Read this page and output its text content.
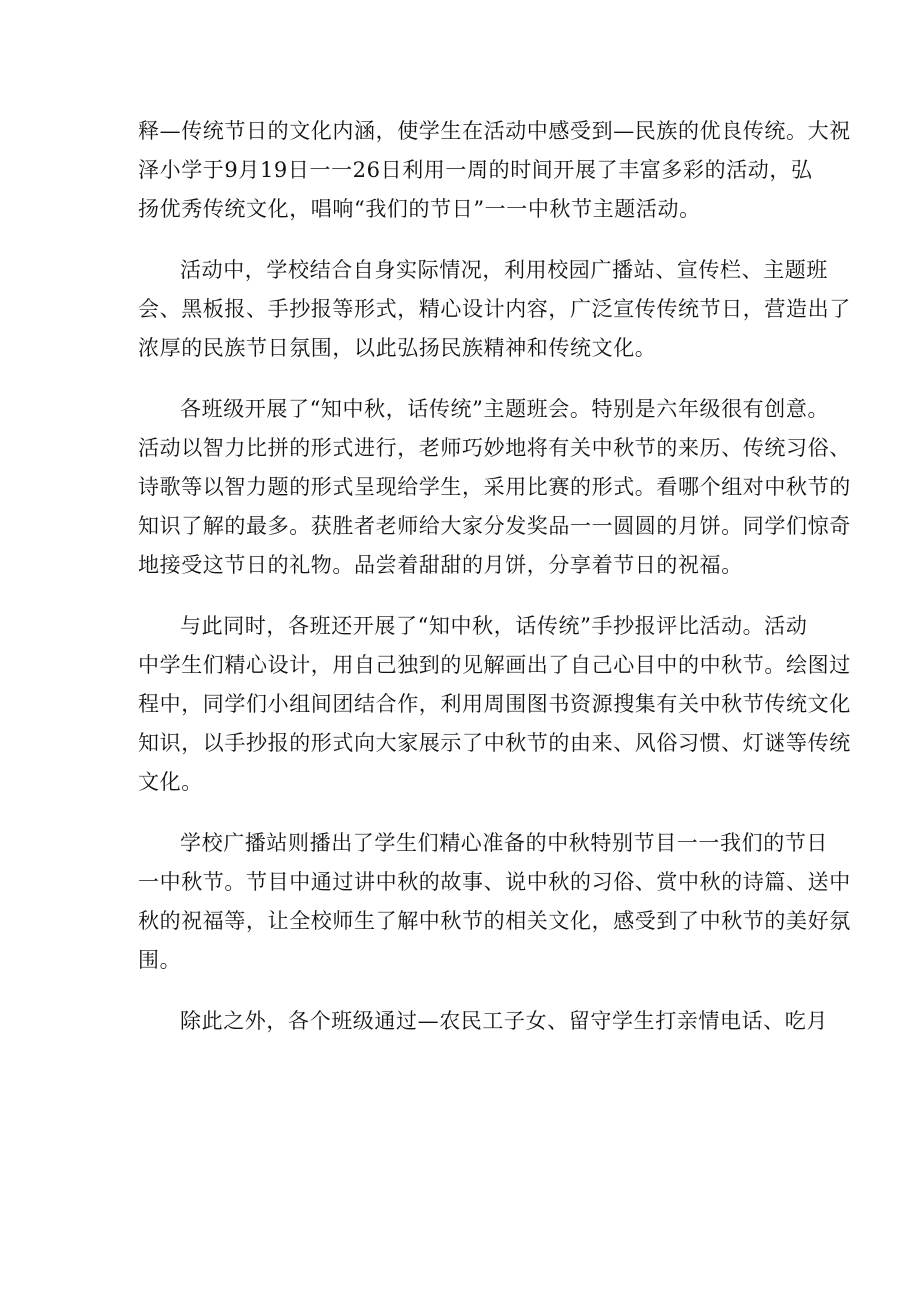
释—传统节日的文化内涵，使学生在活动中感受到—民族的优良传统。大祝
泽小学于9月19日一一26日利用一周的时间开展了丰富多彩的活动，弘
扬优秀传统文化，唱响“我们的节日”一一中秋节主题活动。
活动中，学校结合自身实际情况，利用校园广播站、宣传栏、主题班
会、黑板报、手抄报等形式，精心设计内容，广泛宣传传统节日，营造出了
浓厚的民族节日氛围，以此弘扬民族精神和传统文化。
各班级开展了“知中秋，话传统”主题班会。特别是六年级很有创意。
活动以智力比拼的形式进行，老师巧妙地将有关中秋节的来历、传统习俗、
诗歌等以智力题的形式呈现给学生，采用比赛的形式。看哪个组对中秋节的
知识了解的最多。获胜者老师给大家分发奖品一一圆圆的月饼。同学们惊奇
地接受这节日的礼物。品尝着甜甜的月饼，分享着节日的祝福。
与此同时，各班还开展了“知中秋，话传统”手抄报评比活动。活动
中学生们精心设计，用自己独到的见解画出了自己心目中的中秋节。绘图过
程中，同学们小组间团结合作，利用周围图书资源搜集有关中秋节传统文化
知识，以手抄报的形式向大家展示了中秋节的由来、风俗习惯、灯谜等传统
文化。
学校广播站则播出了学生们精心准备的中秋特别节目一一我们的节日
一中秋节。节目中通过讲中秋的故事、说中秋的习俗、赏中秋的诗篇、送中
秋的祝福等，让全校师生了解中秋节的相关文化，感受到了中秋节的美好氛
围。
除此之外，各个班级通过—农民工子女、留守学生打亲情电话、吃月
